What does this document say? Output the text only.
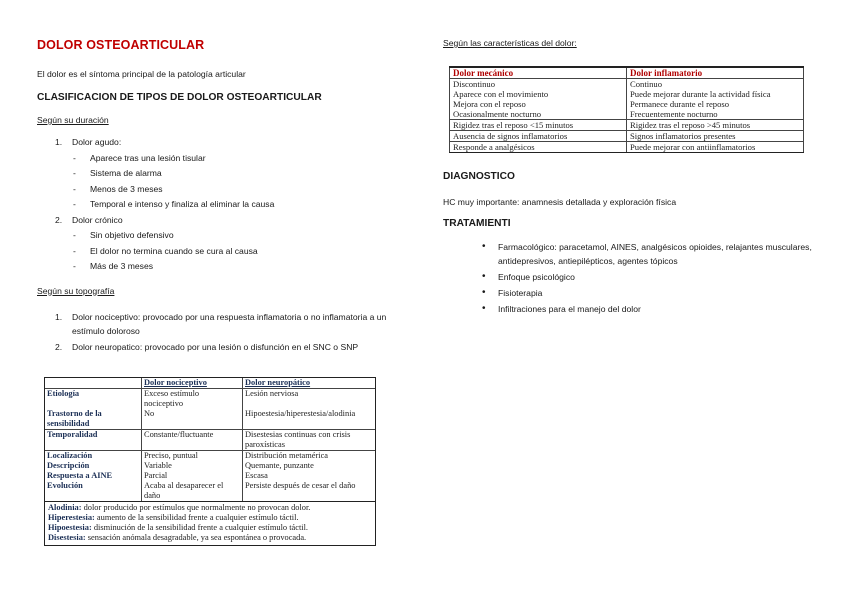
DOLOR OSTEOARTICULAR
El dolor es el síntoma principal de la patología articular
CLASIFICACION DE TIPOS DE DOLOR OSTEOARTICULAR
Según su duración
1. Dolor agudo:
- Aparece tras una lesión tisular
- Sistema de alarma
- Menos de 3 meses
- Temporal e intenso y finaliza al eliminar la causa
2. Dolor crónico
- Sin objetivo defensivo
- El dolor no termina cuando se cura al causa
- Más de 3 meses
Según su topografía
1. Dolor nociceptivo: provocado por una respuesta inflamatoria o no inflamatoria a un estímulo doloroso
2. Dolor neuropatico: provocado por una lesión o disfunción en el SNC o SNP
	Dolor nociceptivo	Dolor neuropático
Etiología	Exceso estímulo nociceptivo	Lesión nerviosa
Trastorno de la sensibilidad	No	Hipoestesia/hiperestesia/alodinia
Temporalidad	Constante/fluctuante	Disestesias continuas con crisis paroxísticas
Localización	Preciso, puntual	Distribución metamérica
Descripción	Variable	Quemante, punzante
Respuesta a AINE	Parcial	Escasa
Evolución	Acaba al desaparecer el daño	Persiste después de cesar el daño
Alodinia: dolor producido por estímulos que normalmente no provocan dolor.
Hiperestesia: aumento de la sensibilidad frente a cualquier estímulo táctil.
Hipoestesia: disminución de la sensibilidad frente a cualquier estímulo táctil.
Disestesia: sensación anómala desagradable, ya sea espontánea o provocada.
Según las características del dolor:
Dolor mecánico	Dolor inflamatorio
Discontinuo	Continuo
Aparece con el movimiento	Puede mejorar durante la actividad física
Mejora con el reposo	Permanece durante el reposo
Ocasionalmente nocturno	Frecuentemente nocturno
Rigidez tras el reposo <15 minutos	Rigidez tras el reposo >45 minutos
Ausencia de signos inflamatorios	Signos inflamatorios presentes
Responde a analgésicos	Puede mejorar con antiinflamatorios
DIAGNOSTICO
HC muy importante: anamnesis detallada y exploración física
TRATAMIENTI
• Farmacológico: paracetamol, AINES, analgésicos opioides, relajantes musculares, antidepresivos, antiepilépticos, agentes tópicos
• Enfoque psicológico
• Fisioterapia
• Infiltraciones para el manejo del dolor
